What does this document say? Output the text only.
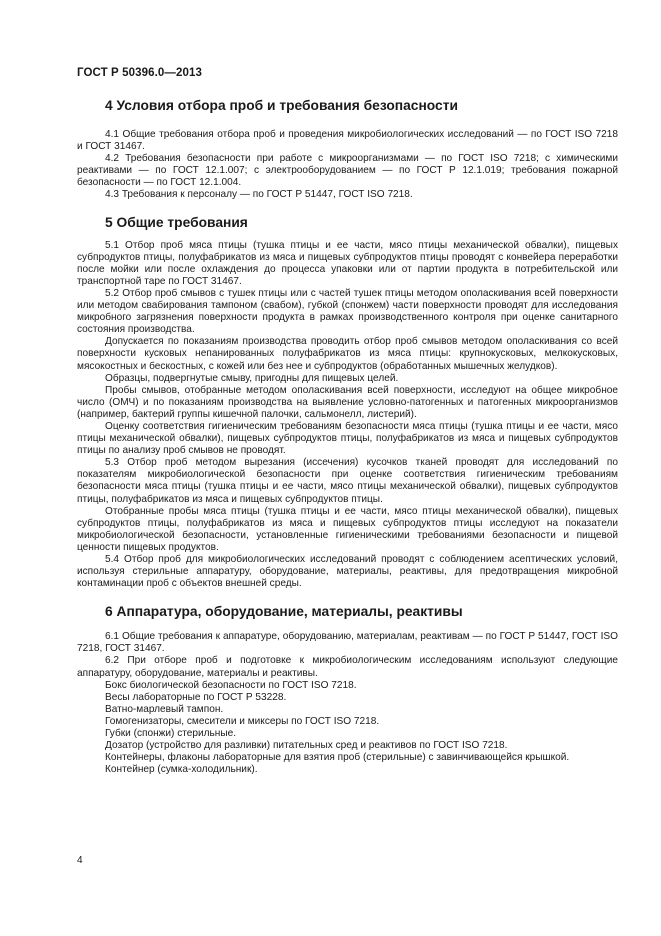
ГОСТ Р 50396.0—2013
4 Условия отбора проб и требования безопасности

4.1 Общие требования отбора проб и проведения микробиологических исследований — по ГОСТ ISO 7218 и ГОСТ 31467.

4.2 Требования безопасности при работе с микроорганизмами — по ГОСТ ISO 7218; с химическими реактивами — по ГОСТ 12.1.007; с электрооборудованием — по ГОСТ Р 12.1.019; требования пожарной безопасности — по ГОСТ 12.1.004.

4.3 Требования к персоналу — по ГОСТ Р 51447, ГОСТ ISO 7218.

5 Общие требования

5.1 Отбор проб мяса птицы (тушка птицы и ее части, мясо птицы механической обвалки), пищевых субпродуктов птицы, полуфабрикатов из мяса и пищевых субпродуктов птицы проводят с конвейера переработки после мойки или после охлаждения до процесса упаковки или от партии продукта в потребительской или транспортной таре по ГОСТ 31467.

5.2 Отбор проб смывов с тушек птицы или с частей тушек птицы методом ополаскивания всей поверхности или методом свабирования тампоном (свабом), губкой (спонжем) части поверхности проводят для исследования микробного загрязнения поверхности продукта в рамках производственного контроля при оценке санитарного состояния производства.

Допускается по показаниям производства проводить отбор проб смывов методом ополаскивания со всей поверхности кусковых непанированных полуфабрикатов из мяса птицы: крупнокусковых, мелкокусковых, мясокостных и бескостных, с кожей или без нее и субпродуктов (обработанных мышечных желудков).

Образцы, подвергнутые смыву, пригодны для пищевых целей.

Пробы смывов, отобранные методом ополаскивания всей поверхности, исследуют на общее микробное число (ОМЧ) и по показаниям производства на выявление условно-патогенных и патогенных микроорганизмов (например, бактерий группы кишечной палочки, сальмонелл, листерий).

Оценку соответствия гигиеническим требованиям безопасности мяса птицы (тушка птицы и ее части, мясо птицы механической обвалки), пищевых субпродуктов птицы, полуфабрикатов из мяса и пищевых субпродуктов птицы по анализу проб смывов не проводят.

5.3 Отбор проб методом вырезания (иссечения) кусочков тканей проводят для исследований по показателям микробиологической безопасности при оценке соответствия гигиеническим требованиям безопасности мяса птицы (тушка птицы и ее части, мясо птицы механической обвалки), пищевых субпродуктов птицы, полуфабрикатов из мяса и пищевых субпродуктов птицы.

Отобранные пробы мяса птицы (тушка птицы и ее части, мясо птицы механической обвалки), пищевых субпродуктов птицы, полуфабрикатов из мяса и пищевых субпродуктов птицы исследуют на показатели микробиологической безопасности, установленные гигиеническими требованиями безопасности и пищевой ценности пищевых продуктов.

5.4 Отбор проб для микробиологических исследований проводят с соблюдением асептических условий, используя стерильные аппаратуру, оборудование, материалы, реактивы, для предотвращения микробной контаминации проб с объектов внешней среды.

6 Аппаратура, оборудование, материалы, реактивы

6.1 Общие требования к аппаратуре, оборудованию, материалам, реактивам — по ГОСТ Р 51447, ГОСТ ISO 7218, ГОСТ 31467.

6.2 При отборе проб и подготовке к микробиологическим исследованиям используют следующие аппаратуру, оборудование, материалы и реактивы.

Бокс биологической безопасности по ГОСТ ISO 7218.

Весы лабораторные по ГОСТ Р 53228.

Ватно-марлевый тампон.

Гомогенизаторы, смесители и миксеры по ГОСТ ISO 7218.

Губки (спонжи) стерильные.

Дозатор (устройство для разливки) питательных сред и реактивов по ГОСТ ISO 7218.

Контейнеры, флаконы лабораторные для взятия проб (стерильные) с завинчивающейся крышкой.

Контейнер (сумка-холодильник).

4
